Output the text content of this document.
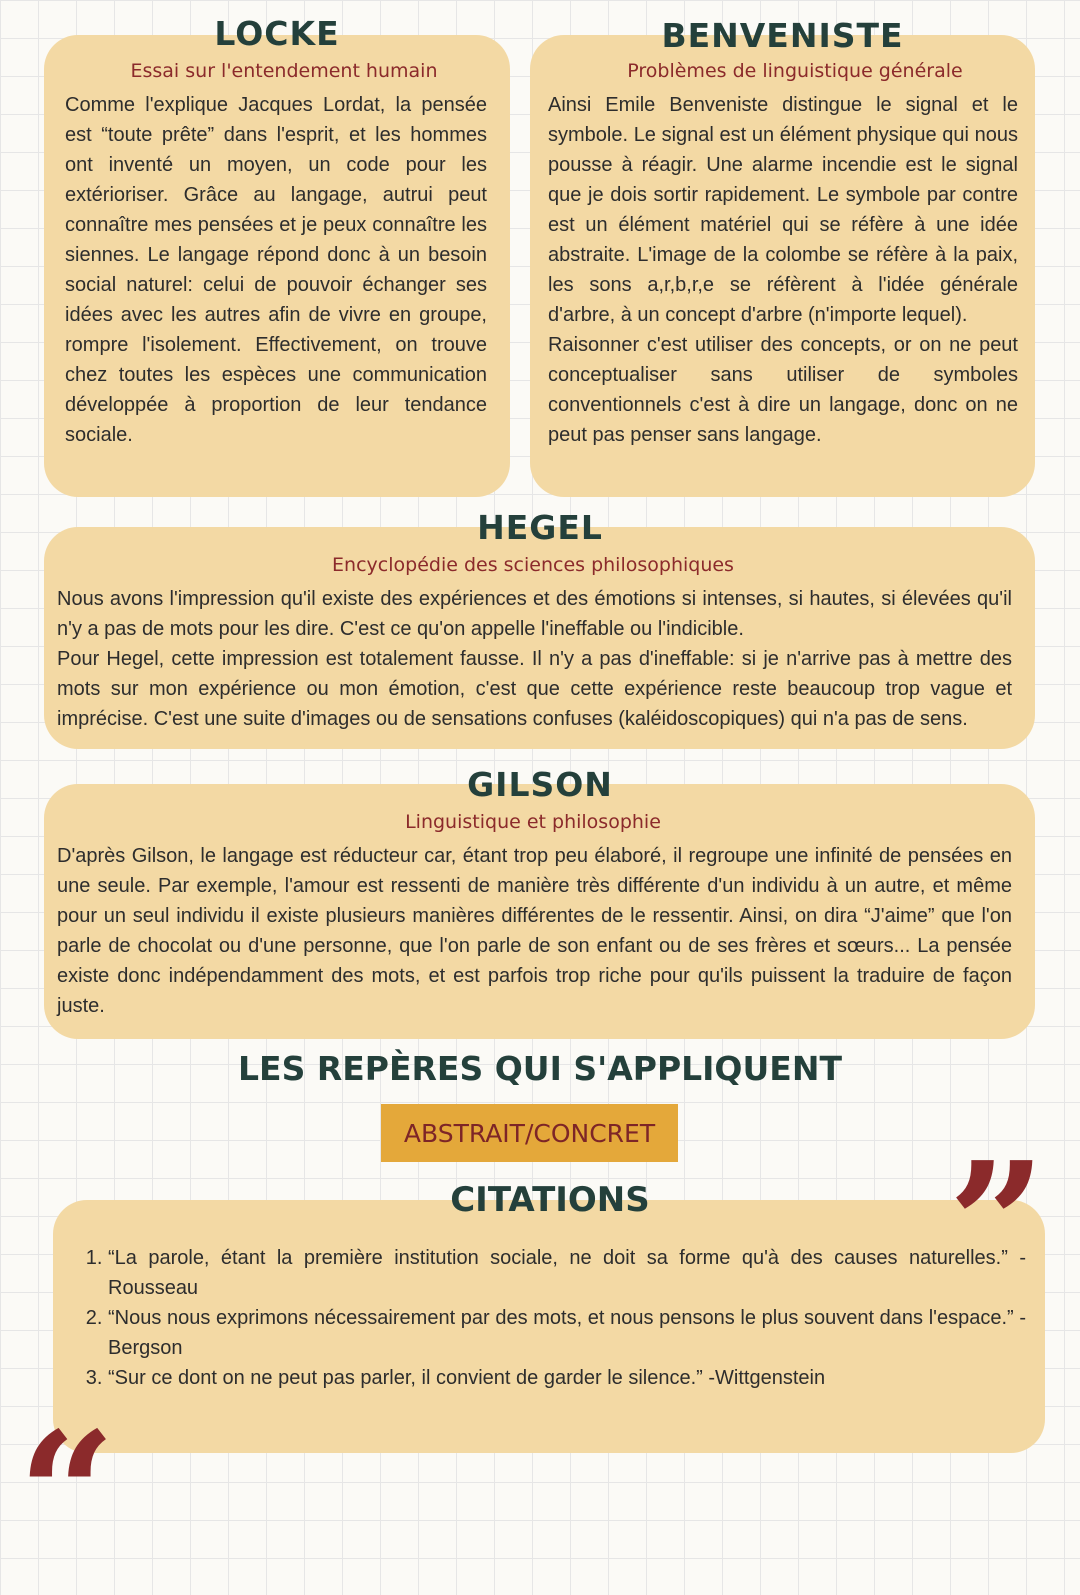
LOCKE
Essai sur l'entendement humain

Comme l'explique Jacques Lordat, la pensée est “toute prête” dans l'esprit, et les hommes ont inventé un moyen, un code pour les extérioriser. Grâce au langage, autrui peut connaître mes pensées et je peux connaître les siennes. Le langage répond donc à un besoin social naturel: celui de pouvoir échanger ses idées avec les autres afin de vivre en groupe, rompre l'isolement. Effectivement, on trouve chez toutes les espèces une communication développée à proportion de leur tendance sociale.

BENVENISTE
Problèmes de linguistique générale

Ainsi Emile Benveniste distingue le signal et le symbole. Le signal est un élément physique qui nous pousse à réagir. Une alarme incendie est le signal que je dois sortir rapidement. Le symbole par contre est un élément matériel qui se réfère à une idée abstraite. L'image de la colombe se réfère à la paix, les sons a,r,b,r,e se réfèrent à l'idée générale d'arbre, à un concept d'arbre (n'importe lequel).

Raisonner c'est utiliser des concepts, or on ne peut conceptualiser sans utiliser de symboles conventionnels c'est à dire un langage, donc on ne peut pas penser sans langage.

HEGEL
Encyclopédie des sciences philosophiques

Nous avons l'impression qu'il existe des expériences et des émotions si intenses, si hautes, si élevées qu'il n'y a pas de mots pour les dire. C'est ce qu'on appelle l'ineffable ou l'indicible.

Pour Hegel, cette impression est totalement fausse. Il n'y a pas d'ineffable: si je n'arrive pas à mettre des mots sur mon expérience ou mon émotion, c'est que cette expérience reste beaucoup trop vague et imprécise. C'est une suite d'images ou de sensations confuses (kaléidoscopiques) qui n'a pas de sens.

GILSON
Linguistique et philosophie

D'après Gilson, le langage est réducteur car, étant trop peu élaboré, il regroupe une infinité de pensées en une seule. Par exemple, l'amour est ressenti de manière très différente d'un individu à un autre, et même pour un seul individu il existe plusieurs manières différentes de le ressentir. Ainsi, on dira “J'aime” que l'on parle de chocolat ou d'une personne, que l'on parle de son enfant ou de ses frères et sœurs... La pensée existe donc indépendamment des mots, et est parfois trop riche pour qu'ils puissent la traduire de façon juste.

LES REPÈRES QUI S'APPLIQUENT
ABSTRAIT/CONCRET
CITATIONS	”
“
1. “La parole, étant la première institution sociale, ne doit sa forme qu'à des causes naturelles.” -Rousseau
2. “Nous nous exprimons nécessairement par des mots, et nous pensons le plus souvent dans l'espace.” -Bergson
3. “Sur ce dont on ne peut pas parler, il convient de garder le silence.” -Wittgenstein
